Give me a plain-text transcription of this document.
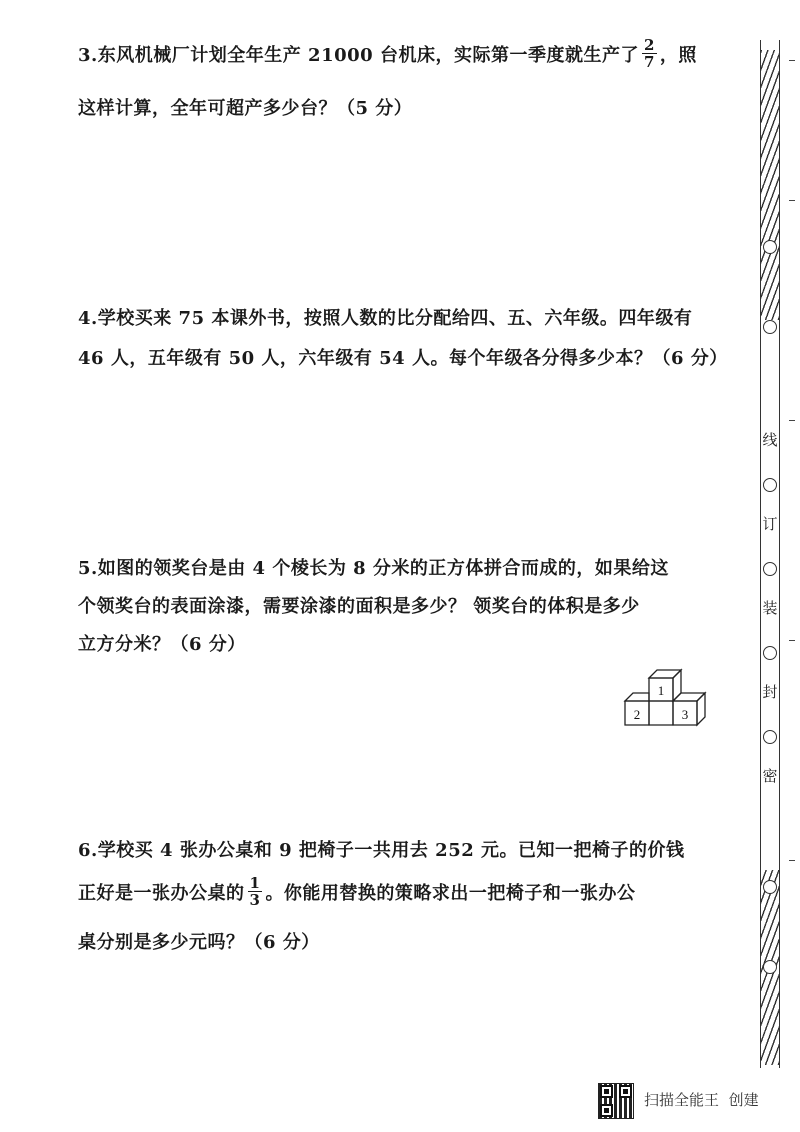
3.东风机械厂计划全年生产 21000 台机床，实际第一季度就生产了 $\frac{2}{7}$ ，照
这样计算，全年可超产多少台？（5 分）
4.学校买来 75 本课外书，按照人数的比分配给四、五、六年级。四年级有
46 人，五年级有 50 人，六年级有 54 人。每个年级各分得多少本？（6 分）
5.如图的领奖台是由 4 个棱长为 8 分米的正方体拼合而成的，如果给这
个领奖台的表面涂漆，需要涂漆的面积是多少？ 领奖台的体积是多少
立方分米？（6 分）
1
2	3
6.学校买 4 张办公桌和 9 把椅子一共用去 252 元。已知一把椅子的价钱
正好是一张办公桌的 $\frac{1}{3}$ 。你能用替换的策略求出一把椅子和一张办公
桌分别是多少元吗？（6 分）
线
订
装
封
密
扫描全能王 创建
